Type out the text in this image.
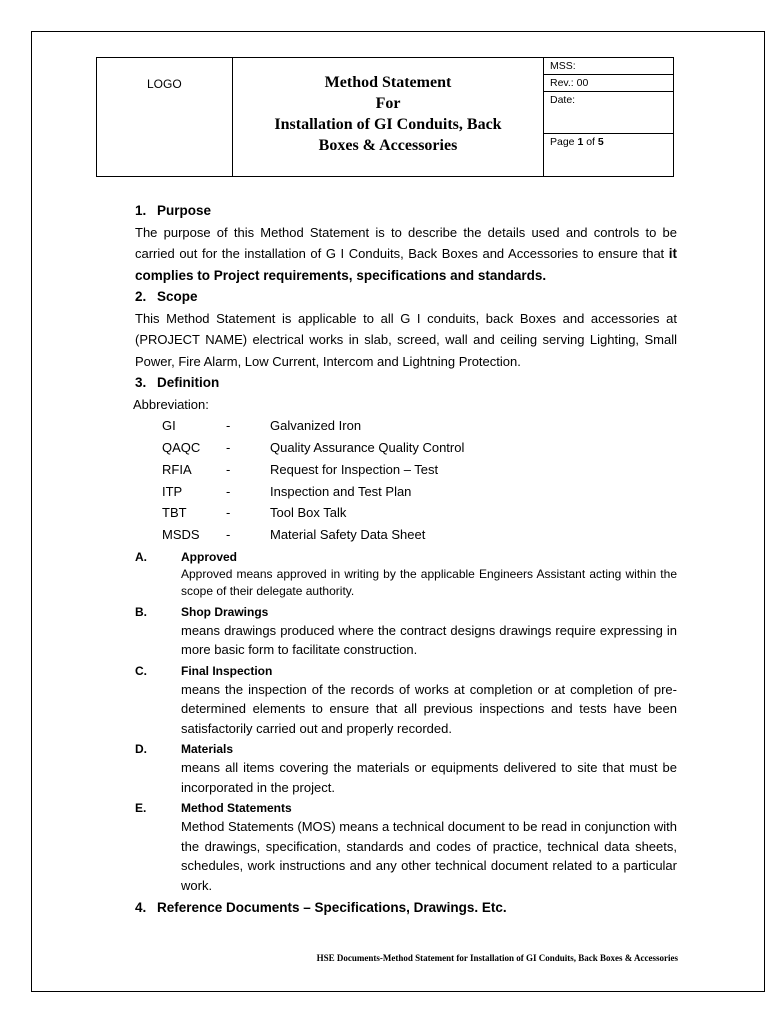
LOGO	Method Statement
For
Installation of GI Conduits, Back
Boxes & Accessories
	MSS:
Rev.: 00
Date:
Page 1 of 5

1. Purpose

The purpose of this Method Statement is to describe the details used and controls to be carried out for the installation of G I Conduits, Back Boxes and Accessories to ensure that it complies to Project requirements, specifications and standards.

2. Scope

This Method Statement is applicable to all G I conduits, back Boxes and accessories at (PROJECT NAME) electrical works in slab, screed, wall and ceiling serving Lighting, Small Power, Fire Alarm, Low Current, Intercom and Lightning Protection.

3. Definition

Abbreviation:

GI	-	Galvanized Iron
QAQC	-	Quality Assurance Quality Control
RFIA	-	Request for Inspection – Test
ITP	-	Inspection and Test Plan
TBT	-	Tool Box Talk
MSDS	-	Material Safety Data Sheet
A.	Approved
Approved means approved in writing by the applicable Engineers Assistant acting within the scope of their delegate authority.
B.	Shop Drawings
means drawings produced where the contract designs drawings require expressing in more basic form to facilitate construction.
C.	Final Inspection
means the inspection of the records of works at completion or at completion of pre-determined elements to ensure that all previous inspections and tests have been satisfactorily carried out and properly recorded.
D.	Materials
means all items covering the materials or equipments delivered to site that must be incorporated in the project.
E.	Method Statements
Method Statements (MOS) means a technical document to be read in conjunction with the drawings, specification, standards and codes of practice, technical data sheets, schedules, work instructions and any other technical document related to a particular work.

4. Reference Documents – Specifications, Drawings. Etc.

HSE Documents-Method Statement for Installation of GI Conduits, Back Boxes & Accessories
